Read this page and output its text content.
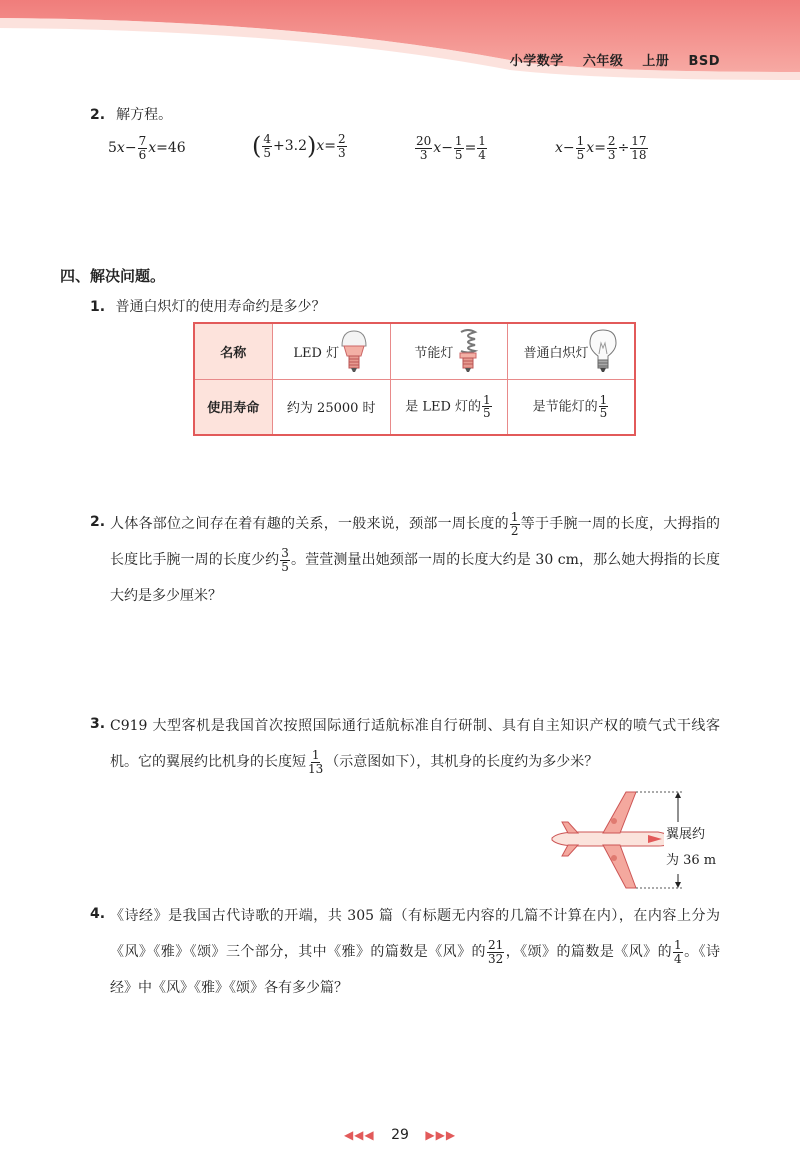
小学数学 六年级 上册 BSD
2. 解方程。
$5x- \frac{7}{6} x=46$	( $\frac{4}{5} +3.2)x= \frac{2}{3}$	$\frac{20}{3} x- \frac{1}{5} = \frac{1}{4}$	$x- \frac{1}{5} x= \frac{2}{3} \div \frac{17}{18}$
四、解决问题。
1. 普通白炽灯的使用寿命约是多少？
名称	LED 灯	节能灯	普通白炽灯

使用寿命	约为 25000 时	是 LED 灯的 $\frac{1}{5}$	是节能灯的 $\frac{1}{5}$
2. 人体各部位之间存在着有趣的关系，一般来说，颈部一周长度的 $\frac{1}{2}$ 等于手腕一周的长度，大拇指的长度比手腕一周的长度少约 $\frac{3}{5}$ 。萱萱测量出她颈部一周的长度大约是 30 cm，那么她大拇指的长度大约是多少厘米？
3. C919 大型客机是我国首次按照国际通行适航标准自行研制、具有自主知识产权的喷气式干线客机。它的翼展约比机身的长度短 $\frac{1}{13}$ （示意图如下），其机身的长度约为多少米？
翼展约
为 36 m
4. 《诗经》是我国古代诗歌的开端，共 305 篇（有标题无内容的几篇不计算在内），在内容上分为《风》《雅》《颂》三个部分，其中《雅》的篇数是《风》的 $\frac{21}{32}$ ，《颂》的篇数是《风》的 $\frac{1}{4}$ 。《诗经》中《风》《雅》《颂》各有多少篇？
◀◀◀ 29 ▶▶▶
